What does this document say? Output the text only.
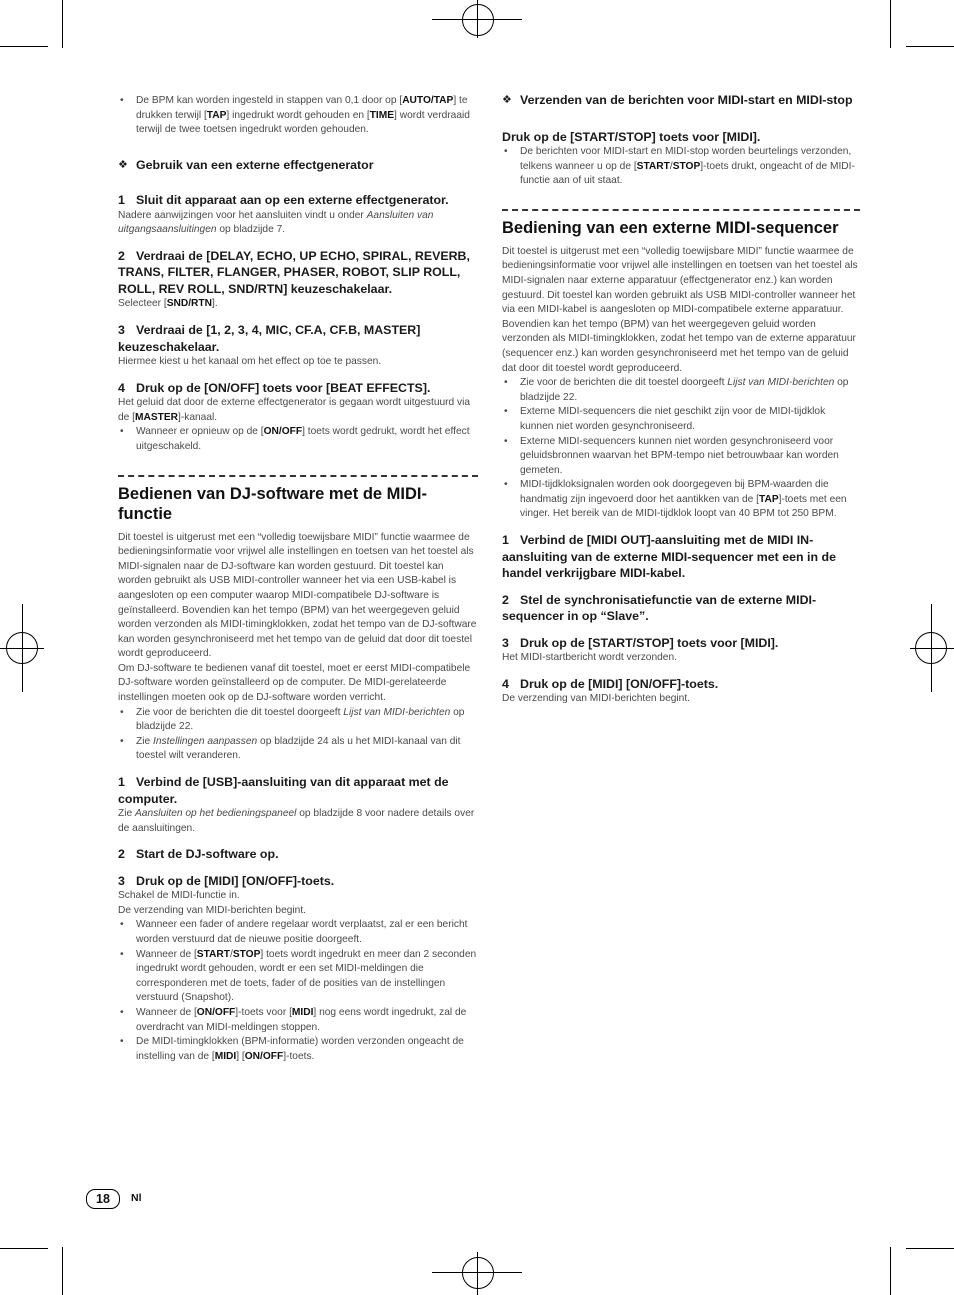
• De BPM kan worden ingesteld in stappen van 0,1 door op [AUTO/TAP] te drukken terwijl [TAP] ingedrukt wordt gehouden en [TIME] wordt verdraaid terwijl de twee toetsen ingedrukt worden gehouden.
❖ Gebruik van een externe effectgenerator
1 Sluit dit apparaat aan op een externe effectgenerator.
Nadere aanwijzingen voor het aansluiten vindt u onder Aansluiten van uitgangsaansluitingen op bladzijde 7.
2 Verdraai de [DELAY, ECHO, UP ECHO, SPIRAL, REVERB, TRANS, FILTER, FLANGER, PHASER, ROBOT, SLIP ROLL, ROLL, REV ROLL, SND/RTN] keuzeschakelaar.
Selecteer [SND/RTN].
3 Verdraai de [1, 2, 3, 4, MIC, CF.A, CF.B, MASTER] keuzeschakelaar.
Hiermee kiest u het kanaal om het effect op toe te passen.
4 Druk op de [ON/OFF] toets voor [BEAT EFFECTS].
Het geluid dat door de externe effectgenerator is gegaan wordt uitgestuurd via de [MASTER]-kanaal.
• Wanneer er opnieuw op de [ON/OFF] toets wordt gedrukt, wordt het effect uitgeschakeld.
Bedienen van DJ-software met de MIDI-functie
Dit toestel is uitgerust met een “volledig toewijsbare MIDI” functie waarmee de bedieningsinformatie voor vrijwel alle instellingen en toetsen van het toestel als MIDI-signalen naar de DJ-software kan worden gestuurd. Dit toestel kan worden gebruikt als USB MIDI-controller wanneer het via een USB-kabel is aangesloten op een computer waarop MIDI-compatibele DJ-software is geïnstalleerd. Bovendien kan het tempo (BPM) van het weergegeven geluid worden verzonden als MIDI-timingklokken, zodat het tempo van de DJ-software kan worden gesynchroniseerd met het tempo van de geluid dat door dit toestel wordt geproduceerd.
Om DJ-software te bedienen vanaf dit toestel, moet er eerst MIDI-compatibele DJ-software worden geïnstalleerd op de computer. De MIDI-gerelateerde instellingen moeten ook op de DJ-software worden verricht.
• Zie voor de berichten die dit toestel doorgeeft Lijst van MIDI-berichten op bladzijde 22.
• Zie Instellingen aanpassen op bladzijde 24 als u het MIDI-kanaal van dit toestel wilt veranderen.
1 Verbind de [USB]-aansluiting van dit apparaat met de computer.
Zie Aansluiten op het bedieningspaneel op bladzijde 8 voor nadere details over de aansluitingen.
2 Start de DJ-software op.
3 Druk op de [MIDI] [ON/OFF]-toets.
Schakel de MIDI-functie in.
De verzending van MIDI-berichten begint.
• Wanneer een fader of andere regelaar wordt verplaatst, zal er een bericht worden verstuurd dat de nieuwe positie doorgeeft.
• Wanneer de [START/STOP] toets wordt ingedrukt en meer dan 2 seconden ingedrukt wordt gehouden, wordt er een set MIDI-meldingen die corresponderen met de toets, fader of de posities van de instellingen verstuurd (Snapshot).
• Wanneer de [ON/OFF]-toets voor [MIDI] nog eens wordt ingedrukt, zal de overdracht van MIDI-meldingen stoppen.
• De MIDI-timingklokken (BPM-informatie) worden verzonden ongeacht de instelling van de [MIDI] [ON/OFF]-toets.
❖ Verzenden van de berichten voor MIDI-start en MIDI-stop
Druk op de [START/STOP] toets voor [MIDI].
• De berichten voor MIDI-start en MIDI-stop worden beurtelings verzonden, telkens wanneer u op de [START/STOP]-toets drukt, ongeacht of de MIDI-functie aan of uit staat.
Bediening van een externe MIDI-sequencer
Dit toestel is uitgerust met een “volledig toewijsbare MIDI” functie waarmee de bedieningsinformatie voor vrijwel alle instellingen en toetsen van het toestel als MIDI-signalen naar externe apparatuur (effectgenerator enz.) kan worden gestuurd. Dit toestel kan worden gebruikt als USB MIDI-controller wanneer het via een MIDI-kabel is aangesloten op MIDI-compatibele externe apparatuur. Bovendien kan het tempo (BPM) van het weergegeven geluid worden verzonden als MIDI-timingklokken, zodat het tempo van de externe apparatuur (sequencer enz.) kan worden gesynchroniseerd met het tempo van de geluid dat door dit toestel wordt geproduceerd.
• Zie voor de berichten die dit toestel doorgeeft Lijst van MIDI-berichten op bladzijde 22.
• Externe MIDI-sequencers die niet geschikt zijn voor de MIDI-tijdklok kunnen niet worden gesynchroniseerd.
• Externe MIDI-sequencers kunnen niet worden gesynchroniseerd voor geluidsbronnen waarvan het BPM-tempo niet betrouwbaar kan worden gemeten.
• MIDI-tijdkloksignalen worden ook doorgegeven bij BPM-waarden die handmatig zijn ingevoerd door het aantikken van de [TAP]-toets met een vinger. Het bereik van de MIDI-tijdklok loopt van 40 BPM tot 250 BPM.
1 Verbind de [MIDI OUT]-aansluiting met de MIDI IN-aansluiting van de externe MIDI-sequencer met een in de handel verkrijgbare MIDI-kabel.
2 Stel de synchronisatiefunctie van de externe MIDI-sequencer in op “Slave”.
3 Druk op de [START/STOP] toets voor [MIDI].
Het MIDI-startbericht wordt verzonden.
4 Druk op de [MIDI] [ON/OFF]-toets.
De verzending van MIDI-berichten begint.
18	Nl
